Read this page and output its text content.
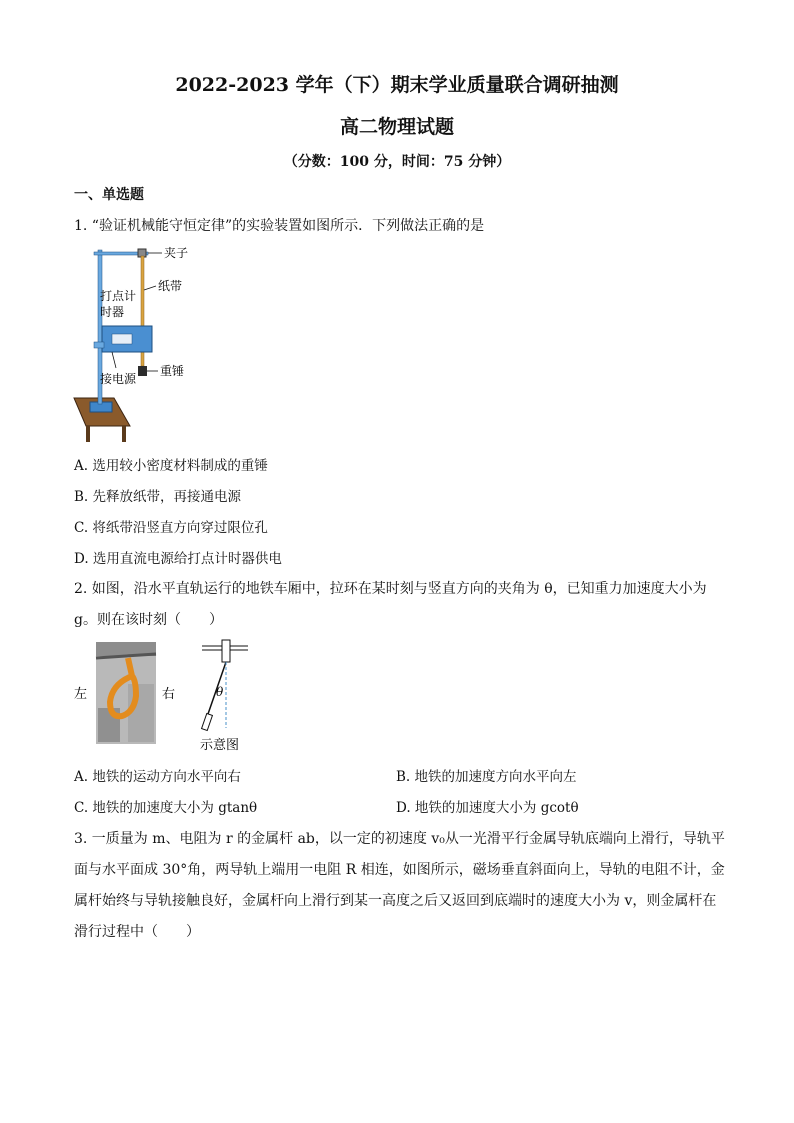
2022-2023 学年（下）期末学业质量联合调研抽测
高二物理试题
（分数：100 分，时间：75 分钟）
一、单选题
1. “验证机械能守恒定律”的实验装置如图所示．下列做法正确的是
夹子
纸带
打点计
时器
重锤
接电源
A. 选用较小密度材料制成的重锤
B. 先释放纸带，再接通电源
C. 将纸带沿竖直方向穿过限位孔
D. 选用直流电源给打点计时器供电
2. 如图，沿水平直轨运行的地铁车厢中，拉环在某时刻与竖直方向的夹角为 θ，已知重力加速度大小为
g。则在该时刻（　　）
左	右	θ
示意图
A. 地铁的运动方向水平向右	B. 地铁的加速度方向水平向左
C. 地铁的加速度大小为 gtanθ	D. 地铁的加速度大小为 gcotθ
3. 一质量为 m、电阻为 r 的金属杆 ab，以一定的初速度 v₀从一光滑平行金属导轨底端向上滑行，导轨平
面与水平面成 30°角，两导轨上端用一电阻 R 相连，如图所示，磁场垂直斜面向上，导轨的电阻不计，金
属杆始终与导轨接触良好，金属杆向上滑行到某一高度之后又返回到底端时的速度大小为 v，则金属杆在
滑行过程中（　　）
